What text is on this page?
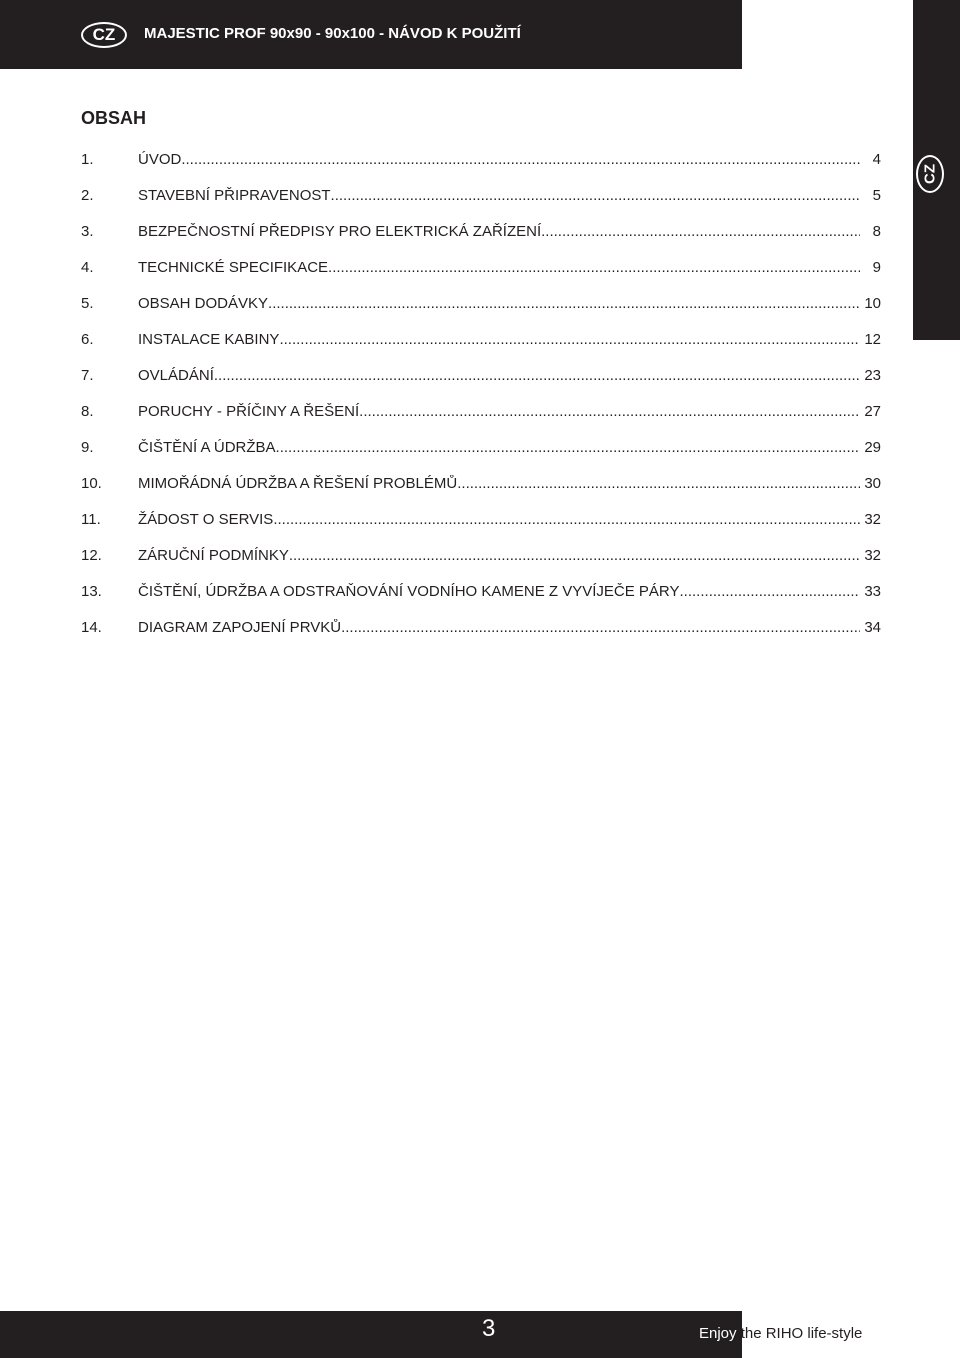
CZ	MAJESTIC PROF 90x90 - 90x100 - NÁVOD K POUŽITÍ
CZ
OBSAH
1.	ÚVOD .....	4
2.	STAVEBNÍ PŘIPRAVENOST .....	5
3.	BEZPEČNOSTNÍ PŘEDPISY PRO ELEKTRICKÁ ZAŘÍZENÍ .....	8
4.	TECHNICKÉ SPECIFIKACE .....	9
5.	OBSAH DODÁVKY .....	10
6.	INSTALACE KABINY .....	12
7.	OVLÁDÁNÍ .....	23
8.	PORUCHY - PŘÍČINY A ŘEŠENÍ .....	27
9.	ČIŠTĚNÍ A ÚDRŽBA .....	29
10. MIMOŘÁDNÁ ÚDRŽBA A ŘEŠENÍ PROBLÉMŮ .....	30
11. ŽÁDOST O SERVIS .....	32
12. ZÁRUČNÍ PODMÍNKY .....	32
13. ČIŠTĚNÍ, ÚDRŽBA A ODSTRAŇOVÁNÍ VODNÍHO KAMENE Z VYVÍJEČE PÁRY .....	33
14. DIAGRAM ZAPOJENÍ PRVKŮ .....	34
3	Enjoy the RIHO life-style
